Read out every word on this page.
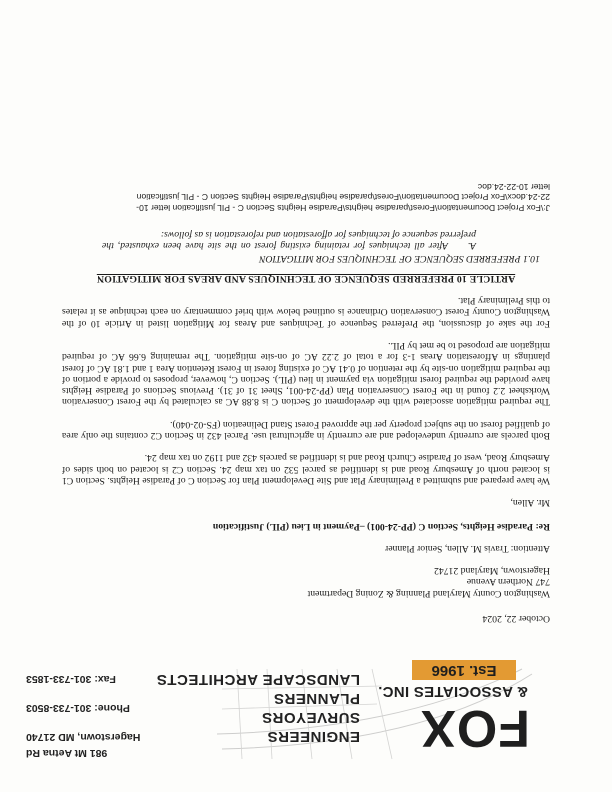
FOX
& ASSOCIATES INC.
Est. 1966
ENGINEERS
SURVEYORS
PLANNERS
LANDSCAPE ARCHITECTS
981 Mt Aetna Rd
Hagerstown, MD 21740
Phone: 301-733-8503
Fax: 301-733-1853

October 22, 2024

Washington County Maryland Planning & Zoning Department
747 Northern Avenue
Hagerstown, Maryland 21742

Attention: Travis M. Allen, Senior Planner

Re: Paradise Heights, Section C (PP-24-001) –Payment in Lieu (PIL) Justification

Mr. Allen,

We have prepared and submitted a Preliminary Plat and Site Development Plan for Section C of Paradise Heights. Section C1 is located north of Amesbury Road and is identified as parcel 532 on tax map 24. Section C2 is located on both sides of Amesbury Road, west of Paradise Church Road and is identified as parcels 432 and 1192 on tax map 24.

Both parcels are currently undeveloped and are currently in agricultural use. Parcel 432 in Section C2 contains the only area of qualified forest on the subject property per the approved Forest Stand Delineation (FS-02-040).

The required mitigation associated with the development of Section C is 8.88 AC as calculated by the Forest Conservation Worksheet 2.2 found in the Forest Conservation Plan (PP-24-001, Sheet 31 of 31). Previous Sections of Paradise Heights have provided the required forest mitigation via payment in lieu (PIL). Section C, however, proposes to provide a portion of the required mitigation on-site by the retention of 0.41 AC of existing forest in Forest Retention Area 1 and 1.81 AC of forest plantings in Afforestation Areas 1-3 for a total of 2.22 AC of on-site mitigation. The remaining 6.66 AC of required mitigation are proposed to be met by PIL.

For the sake of discussion, the Preferred Sequence of Techniques and Areas for Mitigation listed in Article 10 of the Washington County Forest Conservation Ordinance is outlined below with brief commentary on each technique as it relates to this Preliminary Plat.

ARTICLE 10 PREFERRED SEQUENCE OF TECHNIQUES AND AREAS FOR MITIGATION
10.1 PREFERRED SEQUENCE OF TECHNIQUES FOR MITIGATION
A.After all techniques for retaining existing forest on the site have been exhausted, the preferred sequence of techniques for afforestation and reforestation is as follows:
J:\Fox Project Documentation\Forest\paradise heights\Paradise Heights Section C - PIL justification letter 10-22-24.docx\Fox Project Documentation\Forest\paradise heights\Paradise Heights Section C - PIL justification letter 10-22-24.doc
